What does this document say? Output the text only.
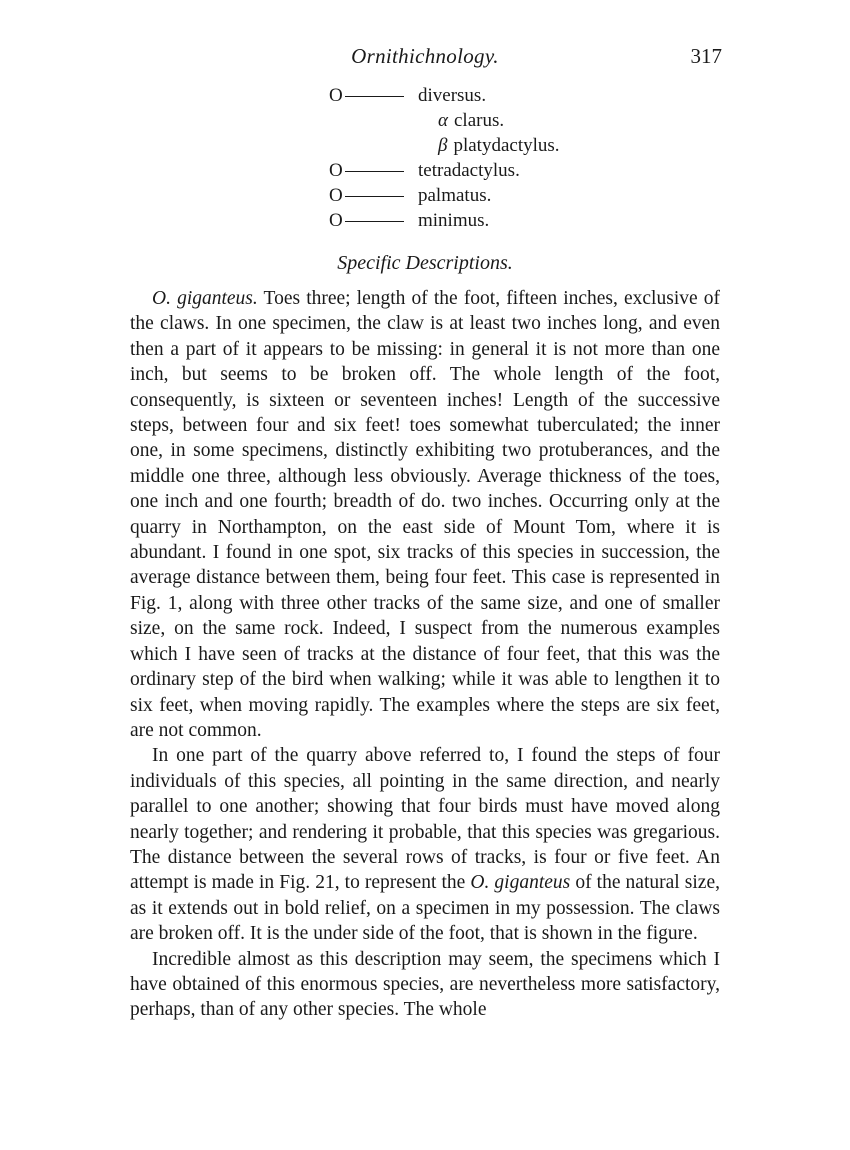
Ornithichnology.	317
O	diversus.
α clarus.
β platydactylus.
O	tetradactylus.
O	palmatus.
O	minimus.
Specific Descriptions.

O. giganteus. Toes three; length of the foot, fifteen inches, exclusive of the claws. In one specimen, the claw is at least two inches long, and even then a part of it appears to be missing: in general it is not more than one inch, but seems to be broken off. The whole length of the foot, consequently, is sixteen or seventeen inches! Length of the successive steps, between four and six feet! toes somewhat tuberculated; the inner one, in some specimens, distinctly exhibiting two protuberances, and the middle one three, although less obviously. Average thickness of the toes, one inch and one fourth; breadth of do. two inches. Occurring only at the quarry in Northampton, on the east side of Mount Tom, where it is abundant. I found in one spot, six tracks of this species in succession, the average distance between them, being four feet. This case is represented in Fig. 1, along with three other tracks of the same size, and one of smaller size, on the same rock. Indeed, I suspect from the numerous examples which I have seen of tracks at the distance of four feet, that this was the ordinary step of the bird when walking; while it was able to lengthen it to six feet, when moving rapidly. The examples where the steps are six feet, are not common.

In one part of the quarry above referred to, I found the steps of four individuals of this species, all pointing in the same direction, and nearly parallel to one another; showing that four birds must have moved along nearly together; and rendering it probable, that this species was gregarious. The distance between the several rows of tracks, is four or five feet. An attempt is made in Fig. 21, to represent the O. giganteus of the natural size, as it extends out in bold relief, on a specimen in my possession. The claws are broken off. It is the under side of the foot, that is shown in the figure.

Incredible almost as this description may seem, the specimens which I have obtained of this enormous species, are nevertheless more satisfactory, perhaps, than of any other species. The whole
